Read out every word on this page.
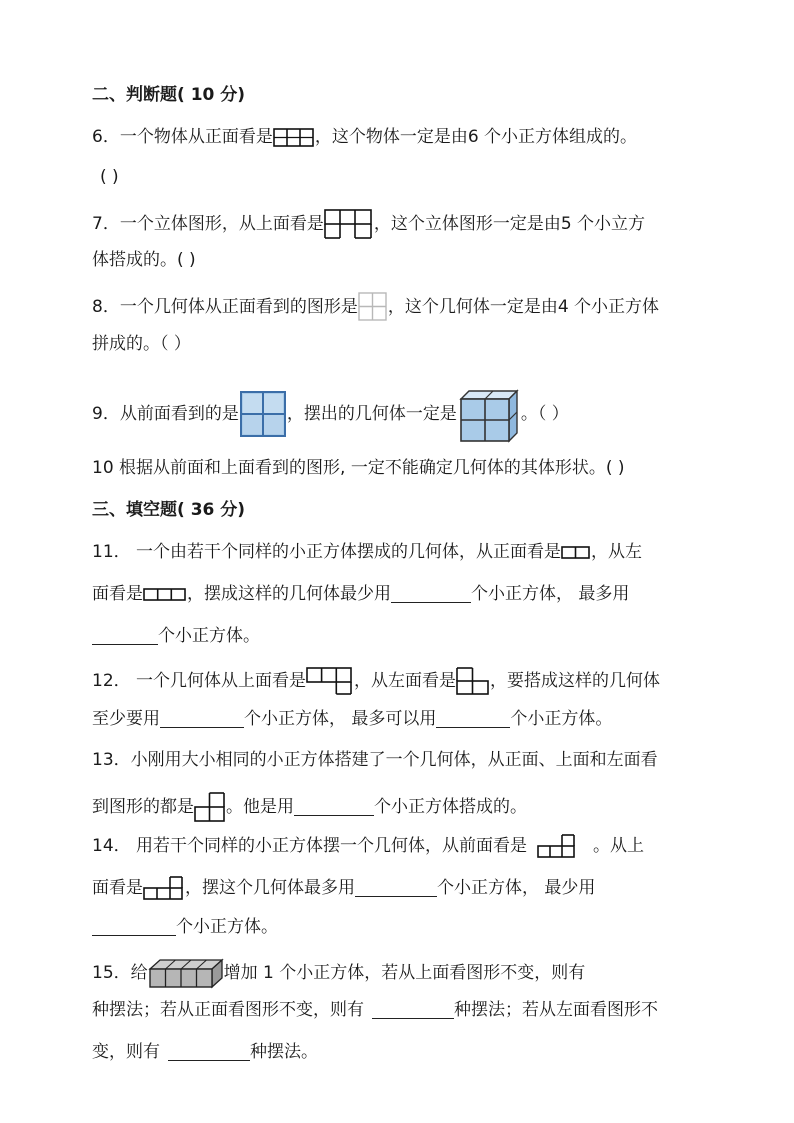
二、判断题( 10 分)
6．一个物体从正面看是 ，这个物体一定是由6 个小正方体组成的。
( )
7．一个立体图形，从上面看是	，这个立体图形一定是由5 个小立方
体搭成的。( )
8．一个几何体从正面看到的图形是 ，这个几何体一定是由4 个小正方体
拼成的。（ ）
9．从前面看到的是	，摆出的几何体一定是	。（ ）
10 根据从前面和上面看到的图形, 一定不能确定几何体的其体形状。( )
三、填空题( 36 分)
11． 一个由若干个同样的小正方体摆成的几何体，从正面看是 ，从左
面看是	，摆成这样的几何体最少用	个小正方体， 最多用
个小正方体。
12． 一个几何体从上面看是	，从左面看是 ，要搭成这样的几何体
至少要用	个小正方体， 最多可以用	个小正方体。
13．小刚用大小相同的小正方体搭建了一个几何体，从正面、上面和左面看
到图形的都是 。他是用	个小正方体搭成的。
14． 用若干个同样的小正方体摆一个几何体，从前面看是	。从上
面看是 ，摆这个几何体最多用	个小正方体， 最少用
个小正方体。
15．给	增加 1 个小正方体，若从上面看图形不变，则有
种摆法；若从正面看图形不变，则有	种摆法；若从左面看图形不
变，则有	种摆法。
